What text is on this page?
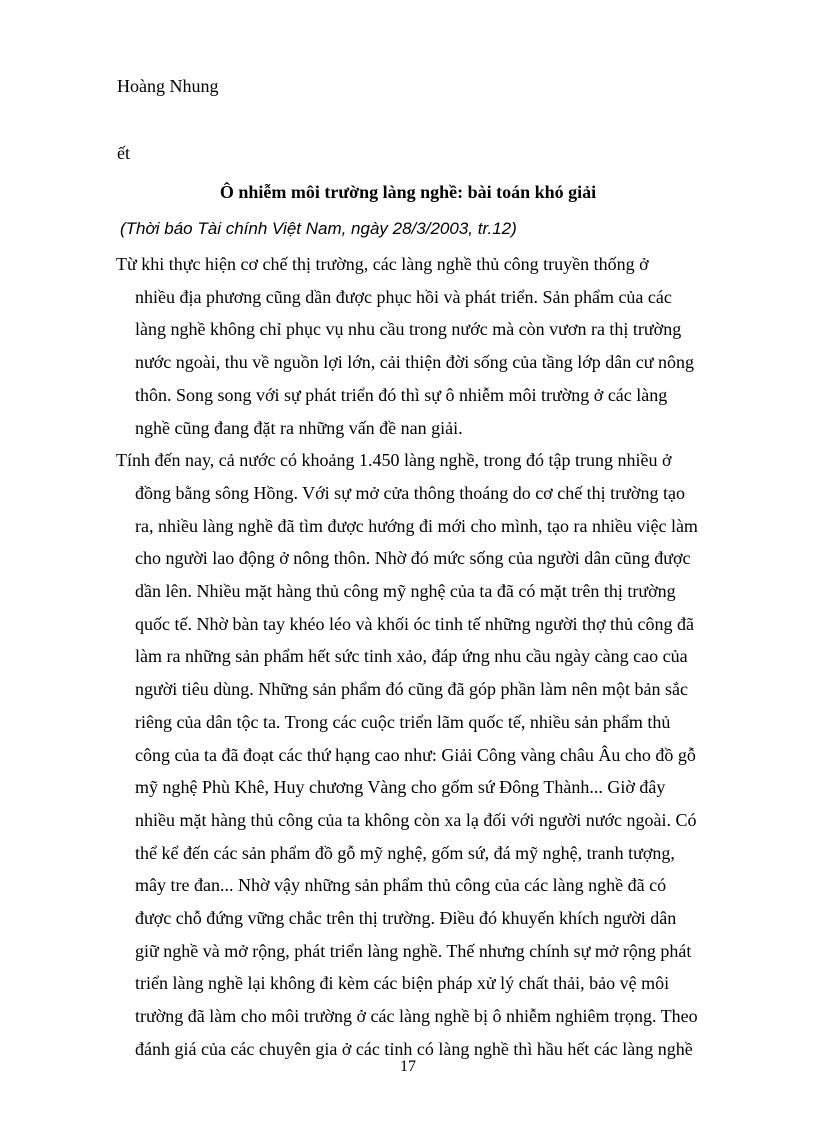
Hoàng Nhung

ết

Ô nhiễm môi trường làng nghề: bài toán khó giải

(Thời báo Tài chính Việt Nam, ngày 28/3/2003, tr.12)

Từ khi thực hiện cơ chế thị trường, các làng nghề thủ công truyền thống ở
nhiều địa phương cũng dần được phục hồi và phát triển. Sản phẩm của các
làng nghề không chỉ phục vụ nhu cầu trong nước mà còn vươn ra thị trường
nước ngoài, thu về nguồn lợi lớn, cải thiện đời sống của tầng lớp dân cư nông
thôn. Song song với sự phát triển đó thì sự ô nhiễm môi trường ở các làng
nghề cũng đang đặt ra những vấn đề nan giải.
Tính đến nay, cả nước có khoảng 1.450 làng nghề, trong đó tập trung nhiều ở
đồng bằng sông Hồng. Với sự mở cửa thông thoáng do cơ chế thị trường tạo
ra, nhiều làng nghề đã tìm được hướng đi mới cho mình, tạo ra nhiều việc làm
cho người lao động ở nông thôn. Nhờ đó mức sống của người dân cũng được
dần lên. Nhiều mặt hàng thủ công mỹ nghệ của ta đã có mặt trên thị trường
quốc tế. Nhờ bàn tay khéo léo và khối óc tinh tế những người thợ thủ công đã
làm ra những sản phẩm hết sức tinh xảo, đáp ứng nhu cầu ngày càng cao của
người tiêu dùng. Những sản phẩm đó cũng đã góp phần làm nên một bản sắc
riêng của dân tộc ta. Trong các cuộc triển lãm quốc tế, nhiều sản phẩm thủ
công của ta đã đoạt các thứ hạng cao như: Giải Công vàng châu Âu cho đồ gỗ
mỹ nghệ Phù Khê, Huy chương Vàng cho gốm sứ Đông Thành... Giờ đây
nhiều mặt hàng thủ công của ta không còn xa lạ đối với người nước ngoài. Có
thể kể đến các sản phẩm đồ gỗ mỹ nghệ, gốm sứ, đá mỹ nghệ, tranh tượng,
mây tre đan... Nhờ vậy những sản phẩm thủ công của các làng nghề đã có
được chỗ đứng vững chắc trên thị trường. Điều đó khuyến khích người dân
giữ nghề và mở rộng, phát triển làng nghề. Thế nhưng chính sự mở rộng phát
triển làng nghề lại không đi kèm các biện pháp xử lý chất thải, bảo vệ môi
trường đã làm cho môi trường ở các làng nghề bị ô nhiễm nghiêm trọng. Theo
đánh giá của các chuyên gia ở các tỉnh có làng nghề thì hầu hết các làng nghề

17
